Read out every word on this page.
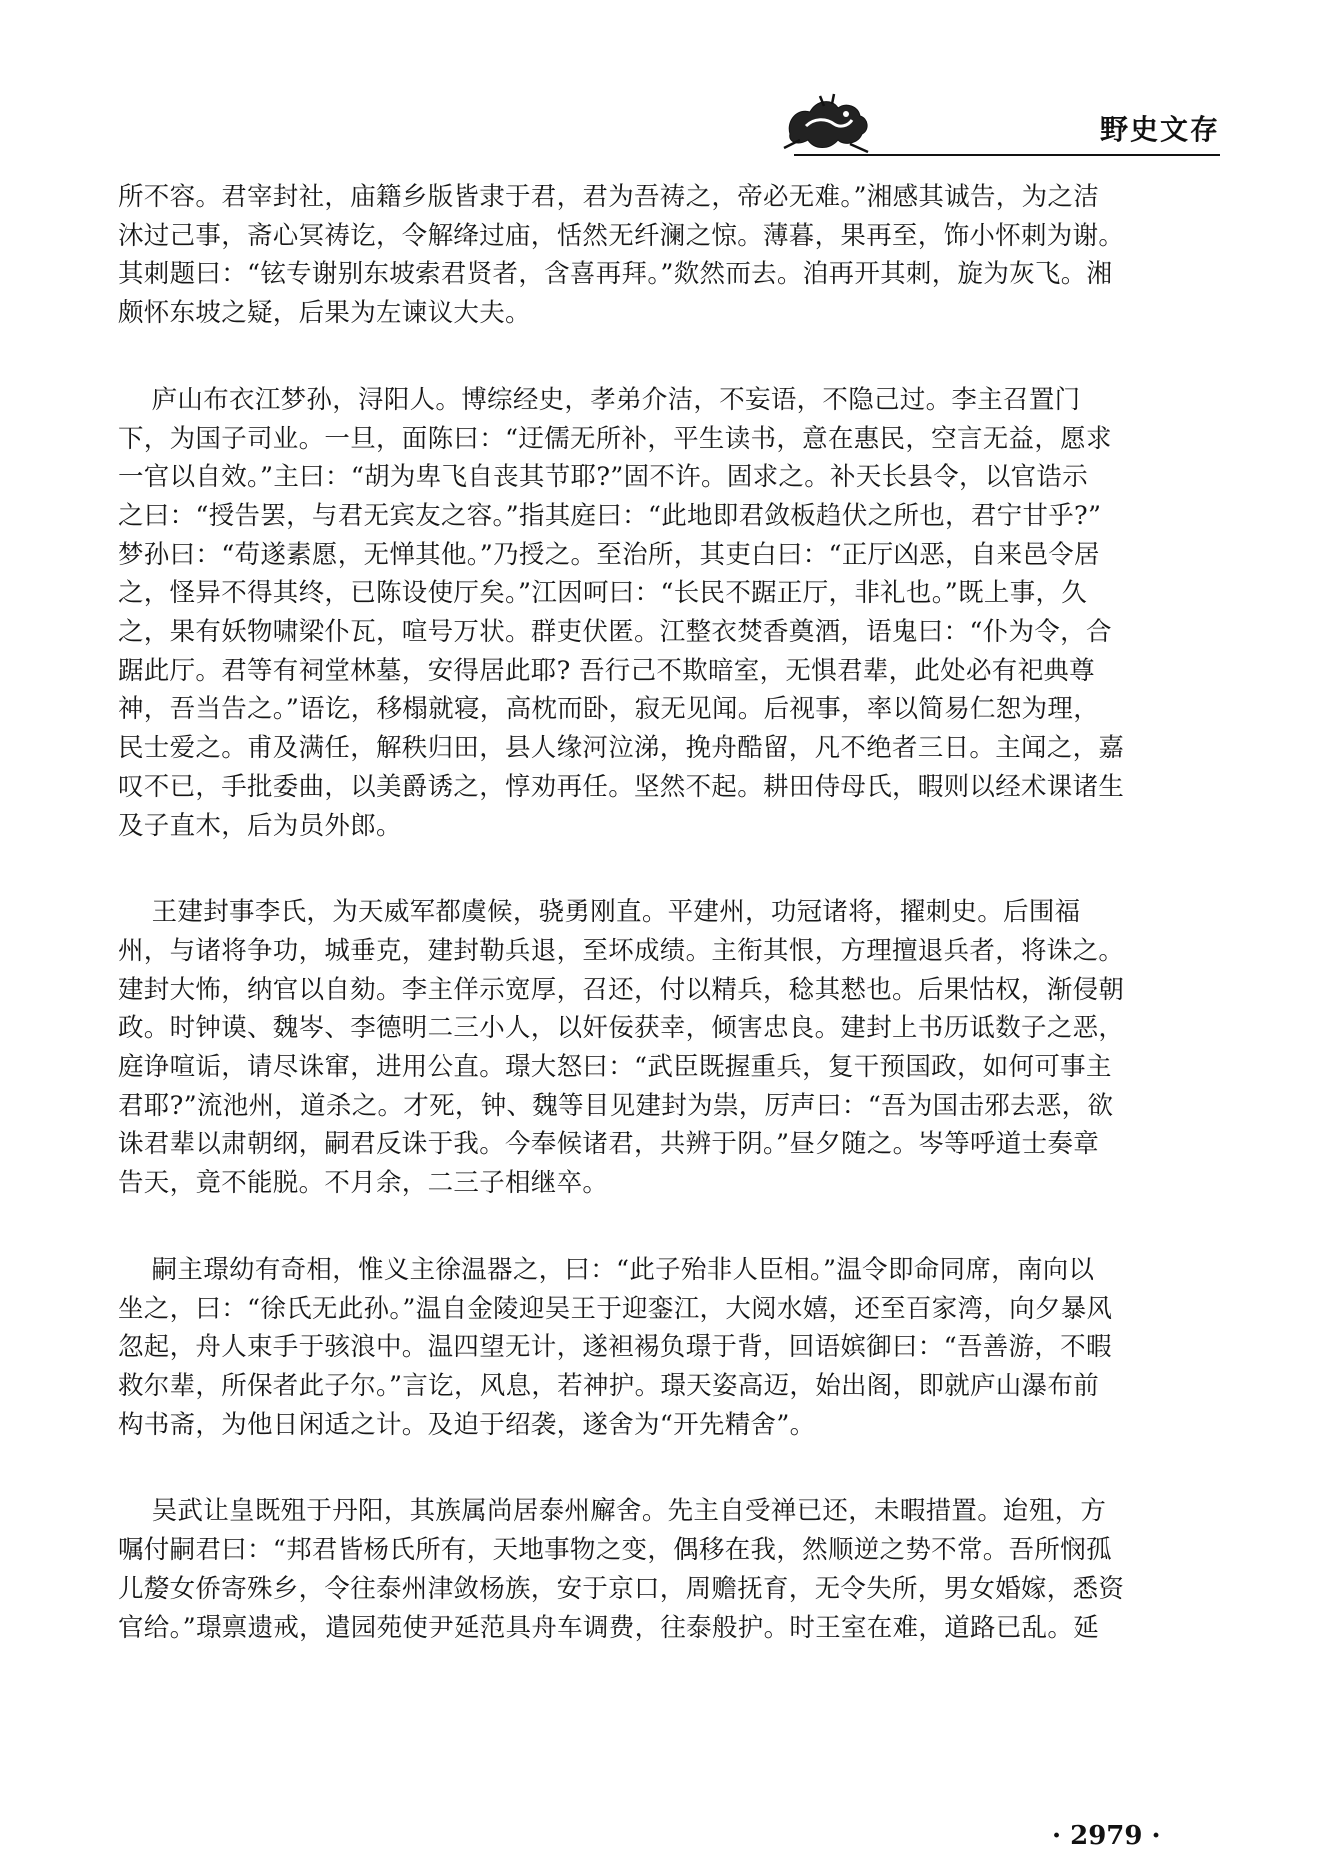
野史文存

所不容。君宰封社，庙籍乡版皆隶于君，君为吾祷之，帝必无难。”湘感其诚告，为之洁
沐过己事，斋心冥祷讫，令解绛过庙，恬然无纤澜之惊。薄暮，果再至，饰小怀刺为谢。
其刺题曰：“铉专谢别东坡索君贤者，含喜再拜。”欻然而去。洎再开其刺，旋为灰飞。湘
颇怀东坡之疑，后果为左谏议大夫。

庐山布衣江梦孙，浔阳人。博综经史，孝弟介洁，不妄语，不隐己过。李主召置门
下，为国子司业。一旦，面陈曰：“迂儒无所补，平生读书，意在惠民，空言无益，愿求
一官以自效。”主曰：“胡为卑飞自丧其节耶?”固不许。固求之。补天长县令，以官诰示
之曰：“授告罢，与君无宾友之容。”指其庭曰：“此地即君敛板趋伏之所也，君宁甘乎?”
梦孙曰：“苟遂素愿，无惮其他。”乃授之。至治所，其吏白曰：“正厅凶恶，自来邑令居
之，怪异不得其终，已陈设使厅矣。”江因呵曰：“长民不踞正厅，非礼也。”既上事，久
之，果有妖物啸梁仆瓦，喧号万状。群吏伏匿。江整衣焚香奠酒，语鬼曰：“仆为令，合
踞此厅。君等有祠堂林墓，安得居此耶? 吾行己不欺暗室，无惧君辈，此处必有祀典尊
神，吾当告之。”语讫，移榻就寝，高枕而卧，寂无见闻。后视事，率以简易仁恕为理，
民士爱之。甫及满任，解秩归田，县人缘河泣涕，挽舟酷留，凡不绝者三日。主闻之，嘉
叹不已，手批委曲，以美爵诱之，惇劝再任。坚然不起。耕田侍母氏，暇则以经术课诸生
及子直木，后为员外郎。

王建封事李氏，为天威军都虞候，骁勇刚直。平建州，功冠诸将，擢刺史。后围福
州，与诸将争功，城垂克，建封勒兵退，至坏成绩。主衔其恨，方理擅退兵者，将诛之。
建封大怖，纳官以自劾。李主佯示宽厚，召还，付以精兵，稔其慭也。后果怙权，渐侵朝
政。时钟谟、魏岑、李德明二三小人，以奸佞获幸，倾害忠良。建封上书历诋数子之恶，
庭诤喧诟，请尽诛窜，进用公直。璟大怒曰：“武臣既握重兵，复干预国政，如何可事主
君耶?”流池州，道杀之。才死，钟、魏等目见建封为祟，厉声曰：“吾为国击邪去恶，欲
诛君辈以肃朝纲，嗣君反诛于我。今奉候诸君，共辨于阴。”昼夕随之。岑等呼道士奏章
告天，竟不能脱。不月余，二三子相继卒。

嗣主璟幼有奇相，惟义主徐温器之，曰：“此子殆非人臣相。”温令即命同席，南向以
坐之，曰：“徐氏无此孙。”温自金陵迎吴王于迎銮江，大阅水嬉，还至百家湾，向夕暴风
忽起，舟人束手于骇浪中。温四望无计，遂袒裼负璟于背，回语嫔御曰：“吾善游，不暇
救尔辈，所保者此子尔。”言讫，风息，若神护。璟天姿高迈，始出阁，即就庐山瀑布前
构书斋，为他日闲适之计。及迫于绍袭，遂舍为“开先精舍”。

吴武让皇既殂于丹阳，其族属尚居泰州廨舍。先主自受禅已还，未暇措置。迨殂，方
嘱付嗣君曰：“邦君皆杨氏所有，天地事物之变，偶移在我，然顺逆之势不常。吾所悯孤
儿嫠女侨寄殊乡，令往泰州津敛杨族，安于京口，周赡抚育，无令失所，男女婚嫁，悉资
官给。”璟禀遗戒，遣园苑使尹延范具舟车调费，往泰般护。时王室在难，道路已乱。延

· 2979 ·
